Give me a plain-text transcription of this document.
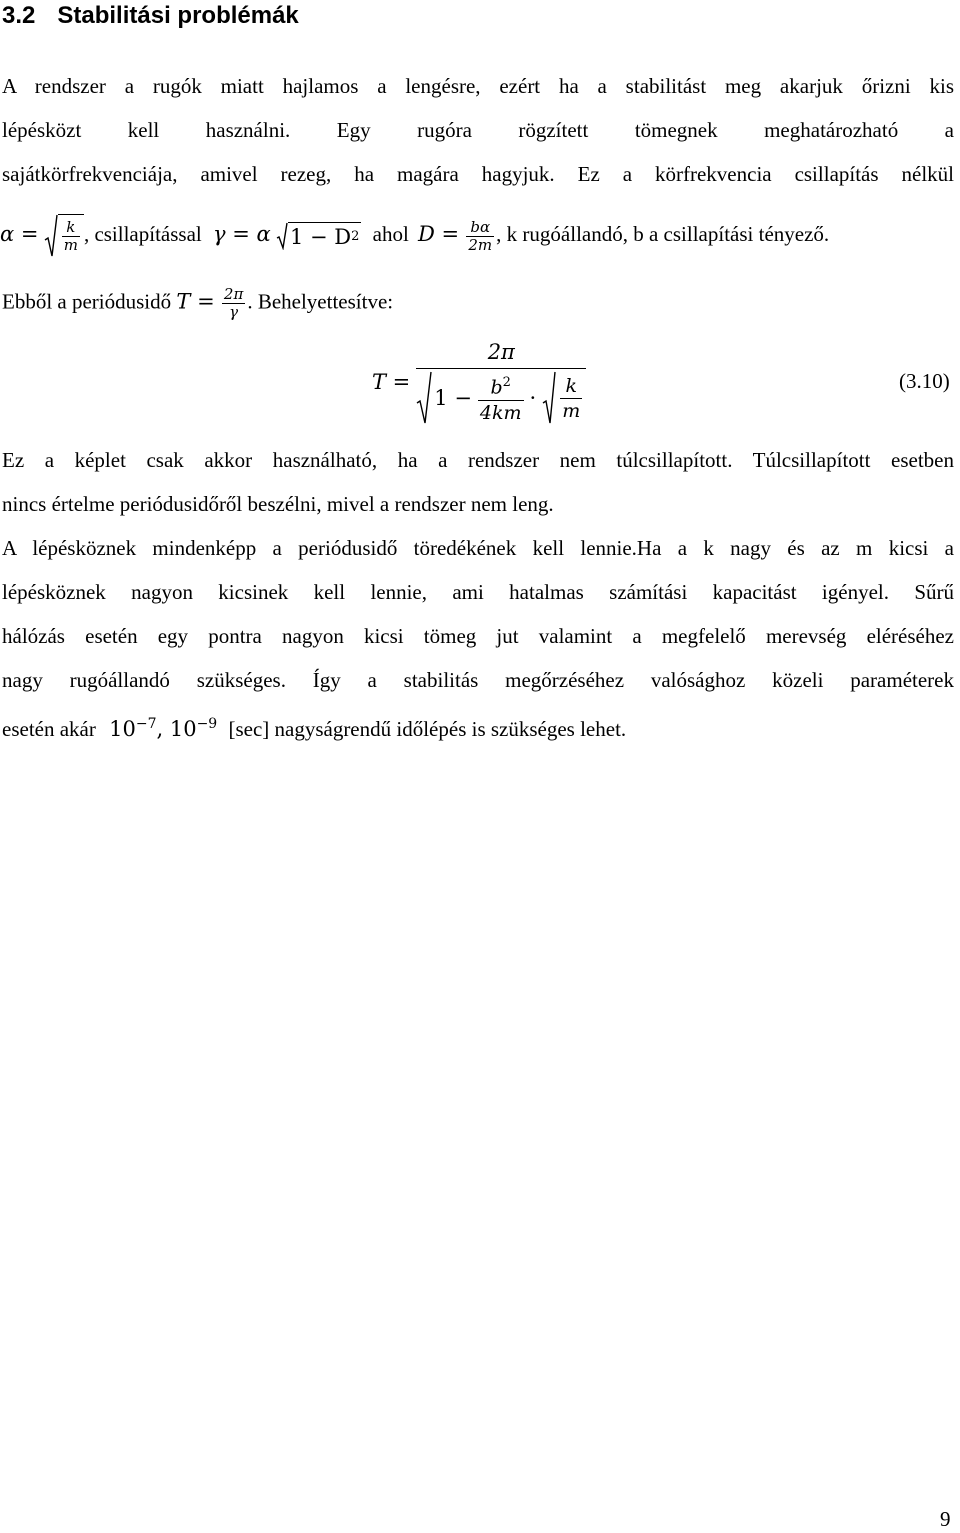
3.2 Stabilitási problémák
A rendszer a rugók miatt hajlamos a lengésre, ezért ha a stabilitást meg akarjuk őrizni kis
lépésközt kell használni. Egy rugóra rögzített tömegnek meghatározható a
sajátkörfrekvenciája, amivel rezeg, ha magára hagyjuk. Ez a körfrekvencia csillapítás nélkül
$\alpha = \frac{k}{m}$ , csillapítással γ = α 1 − D 2 ahol $D = \frac{b\alpha}{2m}$ , k rugóállandó, b a csillapítási tényező.
Ebből a periódusidő $T = \frac{2\pi}{\gamma}$ . Behelyettesítve:
T =
2π
$1 - \frac{b^2}{4km} \cdot \frac{k}{m}$	(3.10)
Ez a képlet csak akkor használható, ha a rendszer nem túlcsillapított. Túlcsillapított esetben
nincs értelme periódusidőről beszélni, mivel a rendszer nem leng.
A lépésköznek mindenképp a periódusidő töredékének kell lennie.Ha a k nagy és az m kicsi a
lépésköznek nagyon kicsinek kell lennie, ami hatalmas számítási kapacitást igényel. Sűrű
hálózás esetén egy pontra nagyon kicsi tömeg jut valamint a megfelelő merevség eléréséhez
nagy rugóállandó szükséges. Így a stabilitás megőrzéséhez valósághoz közeli paraméterek
esetén akár $10^{-7}$, $10^{-9}$ [sec] nagyságrendű időlépés is szükséges lehet.
9
